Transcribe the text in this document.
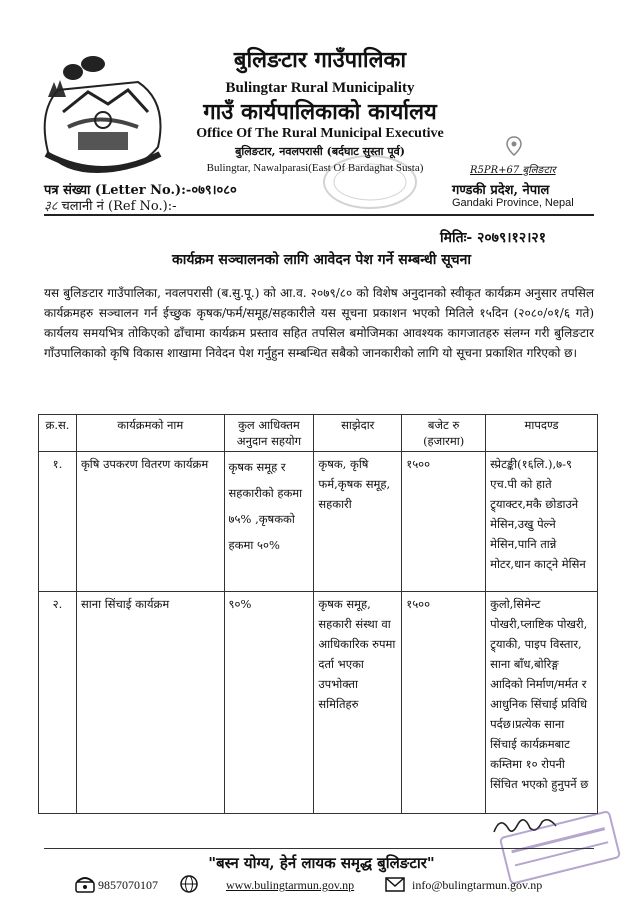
बुलिङटार गाउँपालिका
Bulingtar Rural Municipality
गाउँ कार्यपालिकाको कार्यालय
Office Of The Rural Municipal Executive
बुलिङटार, नवलपरासी (बर्दघाट सुस्ता पूर्व)
Bulingtar, Nawalparasi(East Of Bardaghat Susta)	R5PR+67 बुलिङटार
पत्र संख्या (Letter No.):-०७९।०८०
३८ चलानी नं (Ref No.):-
गण्डकी प्रदेश, नेपाल
Gandaki Province, Nepal
मितिः- २०७९।१२।२१
कार्यक्रम सञ्चालनको लागि आवेदन पेश गर्ने सम्बन्धी सूचना
यस बुलिङटार गाउँपालिका, नवलपरासी (ब.सु.पू.) को आ.व. २०७९/८० को विशेष अनुदानको स्वीकृत कार्यक्रम अनुसार तपसिल कार्यक्रमहरु सञ्चालन गर्न ईच्छुक कृषक/फर्म/समूह/सहकारीले यस सूचना प्रकाशन भएको मितिले १५दिन (२०८०/०१/६ गते) कार्यलय समयभित्र तोकिएको ढाँचामा कार्यक्रम प्रस्ताव सहित तपसिल बमोजिमका आवश्यक कागजातहरु संलग्न गरी बुलिङटार गाँउपालिकाको कृषि विकास शाखामा निवेदन पेश गर्नुहुन सम्बन्धित सबैको जानकारीको लागि यो सूचना प्रकाशित गरिएको छ।
क्र.स.	कार्यक्रमको नाम	कुल आधिक्तम अनुदान सहयोग	साझेदार	बजेट रु (हजारमा)	मापदण्ड
१.	कृषि उपकरण वितरण कार्यक्रम	कृषक समूह र सहकारीको हकमा ७५% ,कृषकको हकमा ५०%	कृषक, कृषि फर्म,कृषक समूह, सहकारी	१५००	स्प्रेटङ्की(१६लि.),७-९ एच.पी को हाते ट्र्याक्टर,मकै छोडाउने मेसिन,उखु पेल्ने मेसिन,पानि तान्ने मोटर,धान काट्ने मेसिन
२.	साना सिंचाई कार्यक्रम	९०%	कृषक समूह, सहकारी संस्था वा आधिकारिक रुपमा दर्ता भएका उपभोक्ता समितिहरु	१५००	कुलो,सिमेन्ट पोखरी,प्लाष्टिक पोखरी, ट्र्याकी, पाइप विस्तार, साना बाँध,बोरिङ्ग आदिको निर्माण/मर्मत र आधुनिक सिंचाई प्रविधि पर्दछ।प्रत्येक साना सिंचाई कार्यक्रमबाट कम्तिमा १० रोपनी सिंचित भएको हुनुपर्ने छ
"बस्न योग्य, हेर्न लायक समृद्ध बुलिङटार"
9857070107	www.bulingtarmun.gov.np	info@bulingtarmun.gov.np
